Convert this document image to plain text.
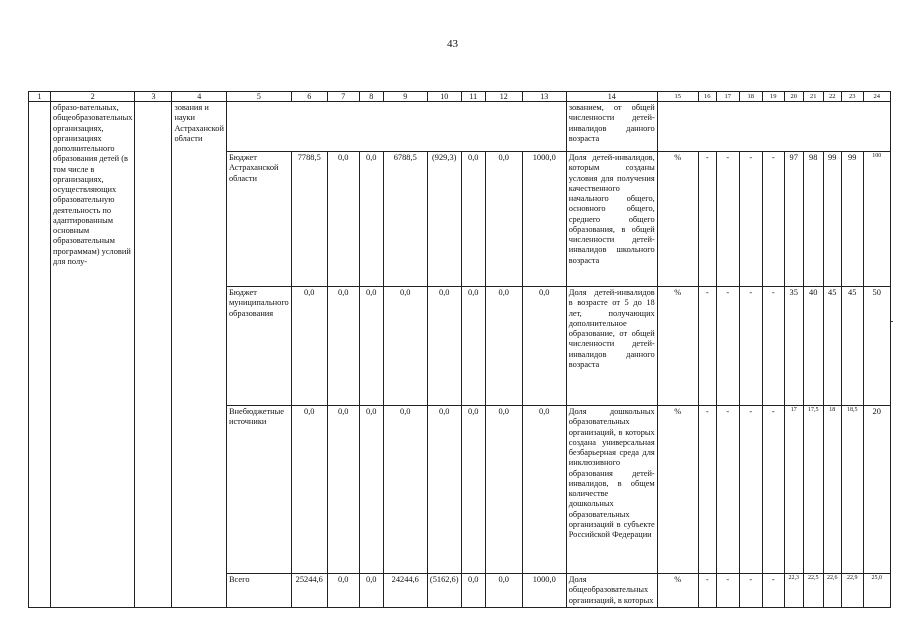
43
-
1	2	3	4	5	6	7	8	9	10	11	12	13	14	15	16	17	18	19	20	21	22	23	24
	образо-вательных, общеобразовательных организациях, организациях дополнительного образования детей (в том числе в организациях, осуществляющих образовательную деятельность по адаптированным основным образовательным программам) условий для полу-		зования и науки Астраханской области										зованием, от общей численности детей-инвалидов данного возраста										
				Бюджет Астраханской области	7788,5	0,0	0,0	6788,5	(929,3)	0,0	0,0	1000,0	Доля детей-инвалидов, которым созданы условия для получения качественного начального общего, основного общего, среднего общего образования, в общей численности детей-инвалидов школьного возраста	%	-	-	-	-	97	98	99	99	100
				Бюджет муниципального образования	0,0	0,0	0,0	0,0	0,0	0,0	0,0	0,0	Доля детей-инвалидов в возрасте от 5 до 18 лет, получающих дополнительное образование, от общей численности детей-инвалидов данного возраста	%	-	-	-	-	35	40	45	45	50
				Внебюджетные источники	0,0	0,0	0,0	0,0	0,0	0,0	0,0	0,0	Доля дошкольных образовательных организаций, в которых создана универсальная безбарьерная среда для инклюзивного образования детей-инвалидов, в общем количестве дошкольных образовательных организаций в субъекте Российской Федерации	%	-	-	-	-	17	17,5	18	18,5	20
				Всего	25244,6	0,0	0,0	24244,6	(5162,6)	0,0	0,0	1000,0	Доля общеобразовательных организаций, в которых	%	-	-	-	-	22,3	22,5	22,6	22,9	25,0
